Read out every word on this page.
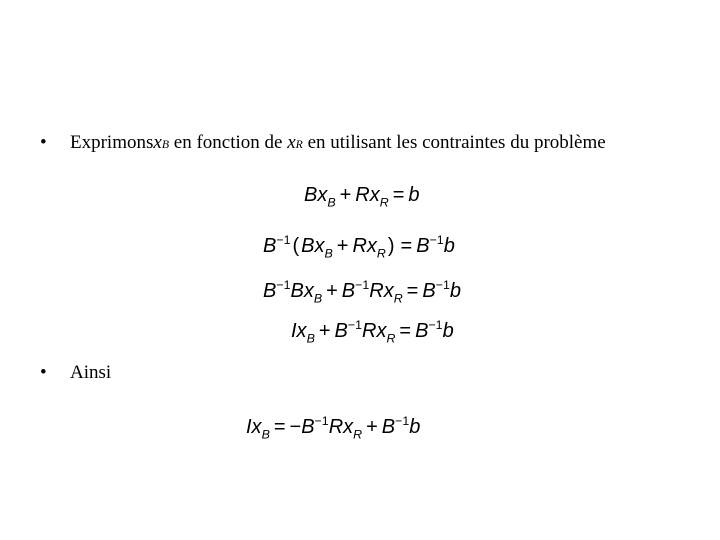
•	Exprimons x B en fonction de x R en utilisant les contraintes du problème
$Bx_B + Rx_R = b$
$B^{-1}$ ( $Bx_B + Rx_R$ ) = $B^{-1}b$
$B^{-1}Bx_B + B^{-1}Rx_R = B^{-1}b$
$Ix_B + B^{-1}Rx_R = B^{-1}b$
•	Ainsi
$Ix_B = -B^{-1}Rx_R + B^{-1}b$
